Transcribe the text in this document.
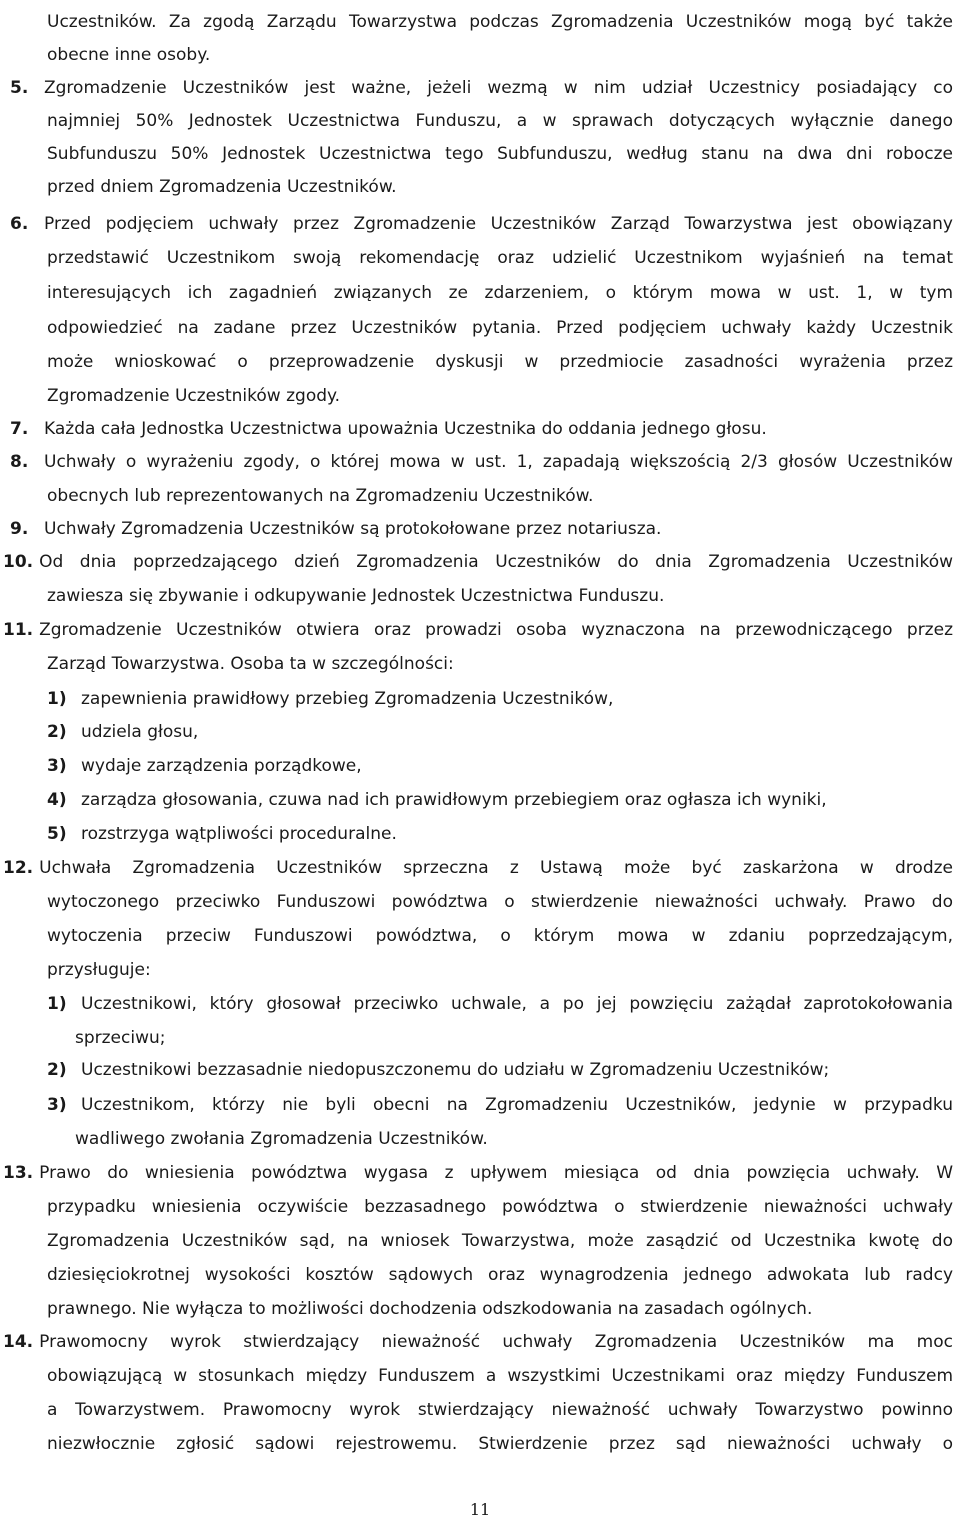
Uczestników. Za zgodą Zarządu Towarzystwa podczas Zgromadzenia Uczestników mogą być także
obecne inne osoby.
5. Zgromadzenie Uczestników jest ważne, jeżeli wezmą w nim udział Uczestnicy posiadający co
najmniej 50% Jednostek Uczestnictwa Funduszu, a w sprawach dotyczących wyłącznie danego
Subfunduszu 50% Jednostek Uczestnictwa tego Subfunduszu, według stanu na dwa dni robocze
przed dniem Zgromadzenia Uczestników.
6. Przed podjęciem uchwały przez Zgromadzenie Uczestników Zarząd Towarzystwa jest obowiązany
przedstawić Uczestnikom swoją rekomendację oraz udzielić Uczestnikom wyjaśnień na temat
interesujących ich zagadnień związanych ze zdarzeniem, o którym mowa w ust. 1, w tym
odpowiedzieć na zadane przez Uczestników pytania. Przed podjęciem uchwały każdy Uczestnik
może wnioskować o przeprowadzenie dyskusji w przedmiocie zasadności wyrażenia przez
Zgromadzenie Uczestników zgody.
7. Każda cała Jednostka Uczestnictwa upoważnia Uczestnika do oddania jednego głosu.
8. Uchwały o wyrażeniu zgody, o której mowa w ust. 1, zapadają większością 2/3 głosów Uczestników
obecnych lub reprezentowanych na Zgromadzeniu Uczestników.
9. Uchwały Zgromadzenia Uczestników są protokołowane przez notariusza.
10. Od dnia poprzedzającego dzień Zgromadzenia Uczestników do dnia Zgromadzenia Uczestników
zawiesza się zbywanie i odkupywanie Jednostek Uczestnictwa Funduszu.
11. Zgromadzenie Uczestników otwiera oraz prowadzi osoba wyznaczona na przewodniczącego przez
Zarząd Towarzystwa. Osoba ta w szczególności:
1) zapewnienia prawidłowy przebieg Zgromadzenia Uczestników,
2) udziela głosu,
3) wydaje zarządzenia porządkowe,
4) zarządza głosowania, czuwa nad ich prawidłowym przebiegiem oraz ogłasza ich wyniki,
5) rozstrzyga wątpliwości proceduralne.
12. Uchwała Zgromadzenia Uczestników sprzeczna z Ustawą może być zaskarżona w drodze
wytoczonego przeciwko Funduszowi powództwa o stwierdzenie nieważności uchwały. Prawo do
wytoczenia przeciw Funduszowi powództwa, o którym mowa w zdaniu poprzedzającym,
przysługuje:
1) Uczestnikowi, który głosował przeciwko uchwale, a po jej powzięciu zażądał zaprotokołowania
sprzeciwu;
2) Uczestnikowi bezzasadnie niedopuszczonemu do udziału w Zgromadzeniu Uczestników;
3) Uczestnikom, którzy nie byli obecni na Zgromadzeniu Uczestników, jedynie w przypadku
wadliwego zwołania Zgromadzenia Uczestników.
13. Prawo do wniesienia powództwa wygasa z upływem miesiąca od dnia powzięcia uchwały. W
przypadku wniesienia oczywiście bezzasadnego powództwa o stwierdzenie nieważności uchwały
Zgromadzenia Uczestników sąd, na wniosek Towarzystwa, może zasądzić od Uczestnika kwotę do
dziesięciokrotnej wysokości kosztów sądowych oraz wynagrodzenia jednego adwokata lub radcy
prawnego. Nie wyłącza to możliwości dochodzenia odszkodowania na zasadach ogólnych.
14. Prawomocny wyrok stwierdzający nieważność uchwały Zgromadzenia Uczestników ma moc
obowiązującą w stosunkach między Funduszem a wszystkimi Uczestnikami oraz między Funduszem
a Towarzystwem. Prawomocny wyrok stwierdzający nieważność uchwały Towarzystwo powinno
niezwłocznie zgłosić sądowi rejestrowemu. Stwierdzenie przez sąd nieważności uchwały o
11
